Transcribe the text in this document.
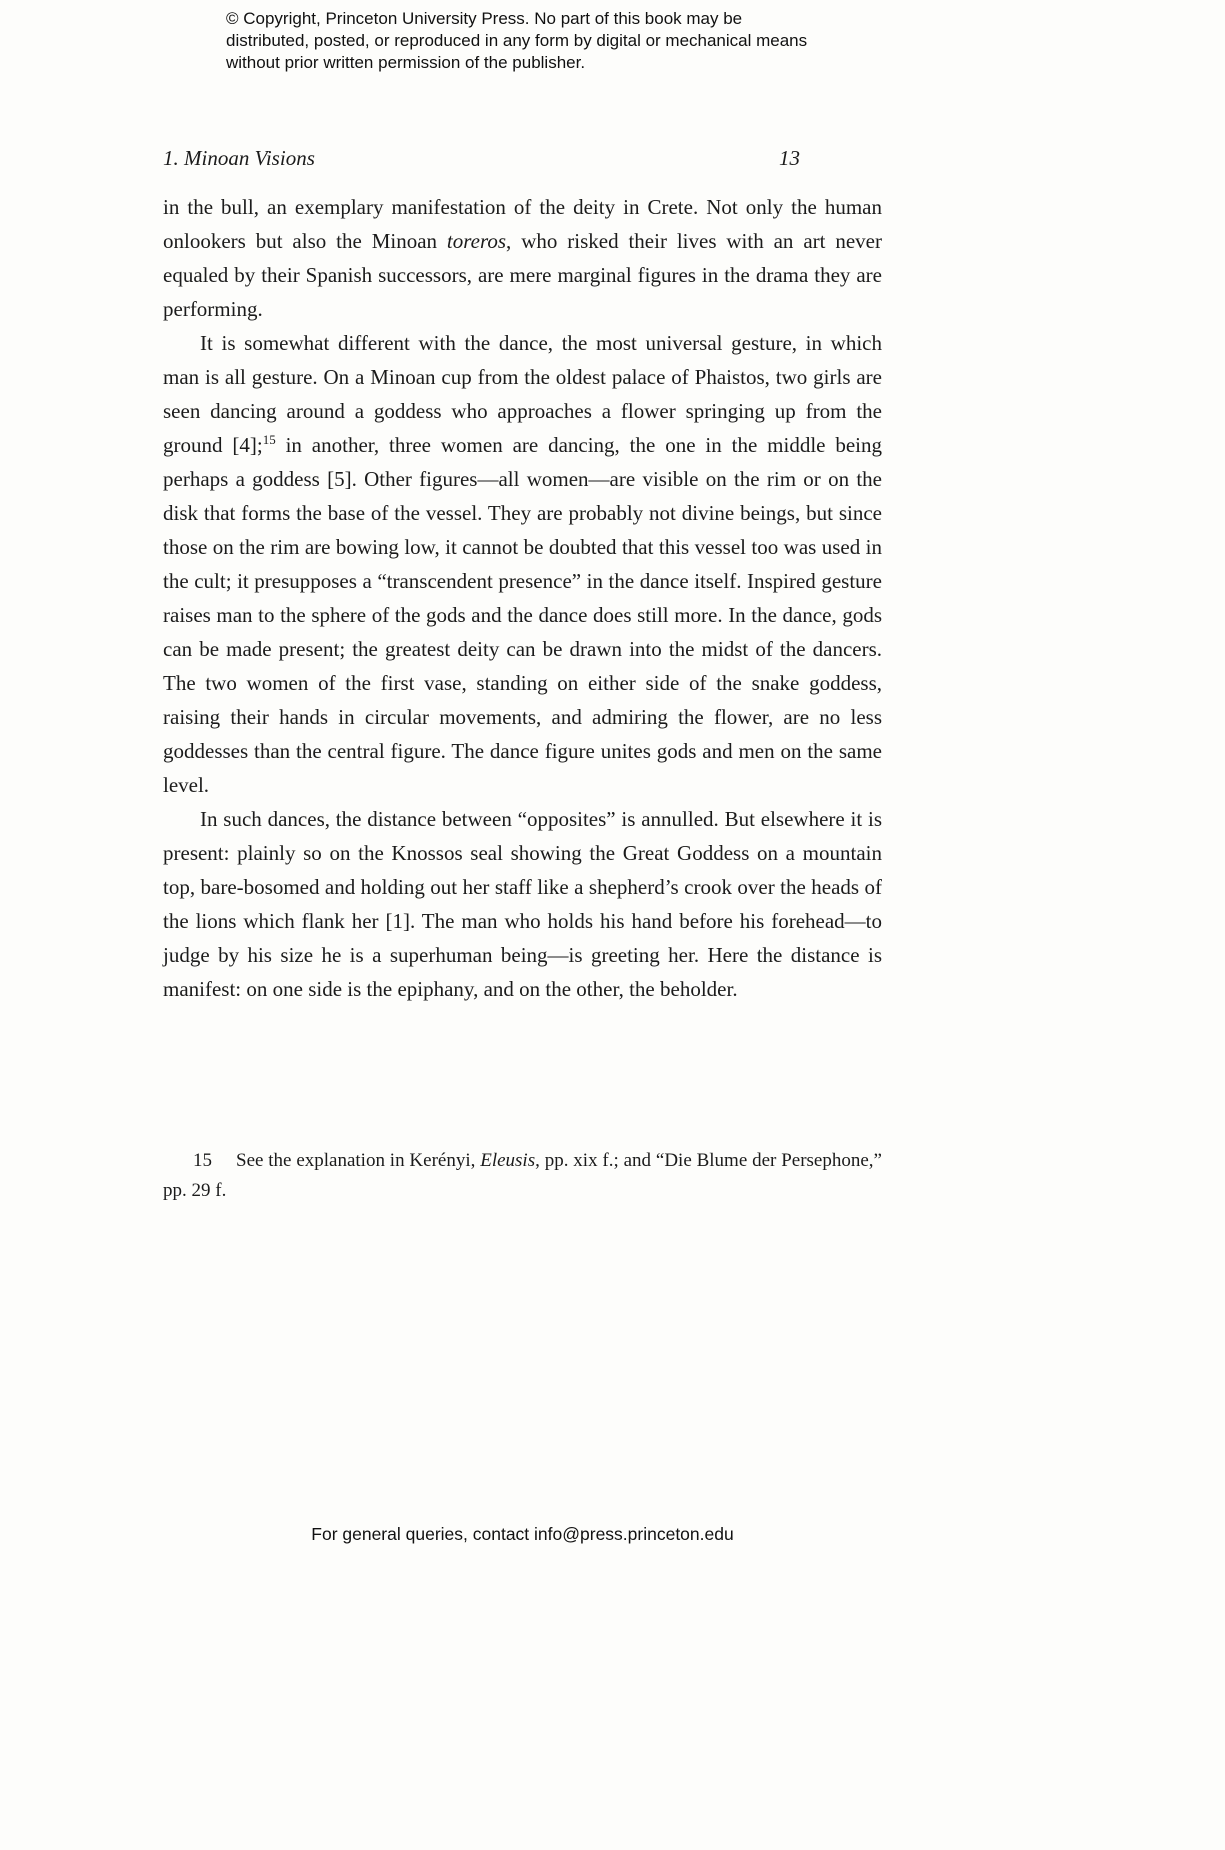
© Copyright, Princeton University Press. No part of this book may be distributed, posted, or reproduced in any form by digital or mechanical means without prior written permission of the publisher.

1. Minoan Visions	13

in the bull, an exemplary manifestation of the deity in Crete. Not only the human onlookers but also the Minoan toreros, who risked their lives with an art never equaled by their Spanish successors, are mere marginal figures in the drama they are performing.

It is somewhat different with the dance, the most universal gesture, in which man is all gesture. On a Minoan cup from the oldest palace of Phaistos, two girls are seen dancing around a goddess who approaches a flower springing up from the ground [4];$^{15}$ in another, three women are dancing, the one in the middle being perhaps a goddess [5]. Other figures—all women—are visible on the rim or on the disk that forms the base of the vessel. They are probably not divine beings, but since those on the rim are bowing low, it cannot be doubted that this vessel too was used in the cult; it presupposes a “transcendent presence” in the dance itself. Inspired gesture raises man to the sphere of the gods and the dance does still more. In the dance, gods can be made present; the greatest deity can be drawn into the midst of the dancers. The two women of the first vase, standing on either side of the snake goddess, raising their hands in circular movements, and admiring the flower, are no less goddesses than the central figure. The dance figure unites gods and men on the same level.

In such dances, the distance between “opposites” is annulled. But elsewhere it is present: plainly so on the Knossos seal showing the Great Goddess on a mountain top, bare-bosomed and holding out her staff like a shepherd’s crook over the heads of the lions which flank her [1]. The man who holds his hand before his forehead—to judge by his size he is a superhuman being—is greeting her. Here the distance is manifest: on one side is the epiphany, and on the other, the beholder.

15 See the explanation in Kerényi, Eleusis, pp. xix f.; and “Die Blume der Persephone,” pp. 29 f.

For general queries, contact info@press.princeton.edu
